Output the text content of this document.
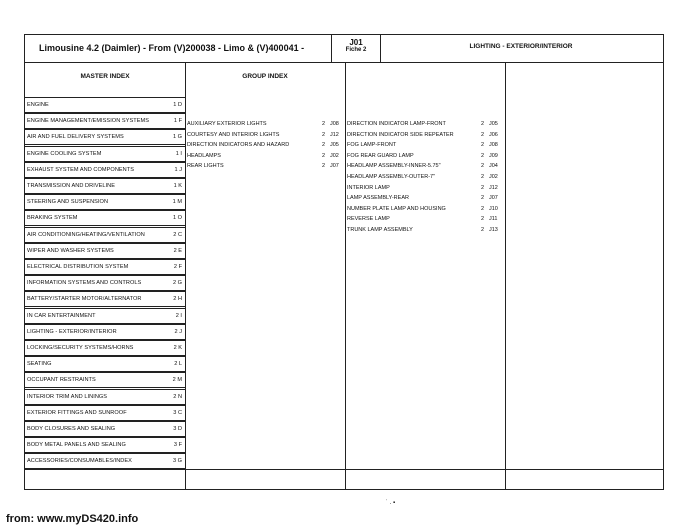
Limousine 4.2 (Daimler) - From (V)200038 - Limo & (V)400041 -
J01
Fiche 2	LIGHTING - EXTERIOR/INTERIOR
MASTER INDEX	GROUP INDEX
ENGINE	1 D
ENGINE MANAGEMENT/EMISSION SYSTEMS	1 F
AIR AND FUEL DELIVERY SYSTEMS	1 G
ENGINE COOLING SYSTEM	1 I
EXHAUST SYSTEM AND COMPONENTS	1 J
TRANSMISSION AND DRIVELINE	1 K
STEERING AND SUSPENSION	1 M
BRAKING SYSTEM	1 O
AIR CONDITIONING/HEATING/VENTILATION	2 C
WIPER AND WASHER SYSTEMS	2 E
ELECTRICAL DISTRIBUTION SYSTEM	2 F
INFORMATION SYSTEMS AND CONTROLS	2 G
BATTERY/STARTER MOTOR/ALTERNATOR	2 H
IN CAR ENTERTAINMENT	2 I
LIGHTING - EXTERIOR/INTERIOR	2 J
LOCKING/SECURITY SYSTEMS/HORNS	2 K
SEATING	2 L
OCCUPANT RESTRAINTS	2 M
INTERIOR TRIM AND LININGS	2 N
EXTERIOR FITTINGS AND SUNROOF	3 C
BODY CLOSURES AND SEALING	3 D
BODY METAL PANELS AND SEALING	3 F
ACCESSORIES/CONSUMABLES/INDEX	3 G
AUXILIARY EXTERIOR LIGHTS	2 J08
COURTESY AND INTERIOR LIGHTS	2 J12
DIRECTION INDICATORS AND HAZARD	2 J05
HEADLAMPS	2 J02
REAR LIGHTS	2 J07
DIRECTION INDICATOR LAMP-FRONT	2 J05
DIRECTION INDICATOR SIDE REPEATER	2 J06
FOG LAMP-FRONT	2 J08
FOG REAR GUARD LAMP	2 J09
HEADLAMP ASSEMBLY-INNER-5.75"	2 J04
HEADLAMP ASSEMBLY-OUTER-7"	2 J02
INTERIOR LAMP	2 J12
LAMP ASSEMBLY-REAR	2 J07
NUMBER PLATE LAMP AND HOUSING	2 J10
REVERSE LAMP	2 J11
TRUNK LAMP ASSEMBLY	2 J13
˙ . ▪
from: www.myDS420.info
